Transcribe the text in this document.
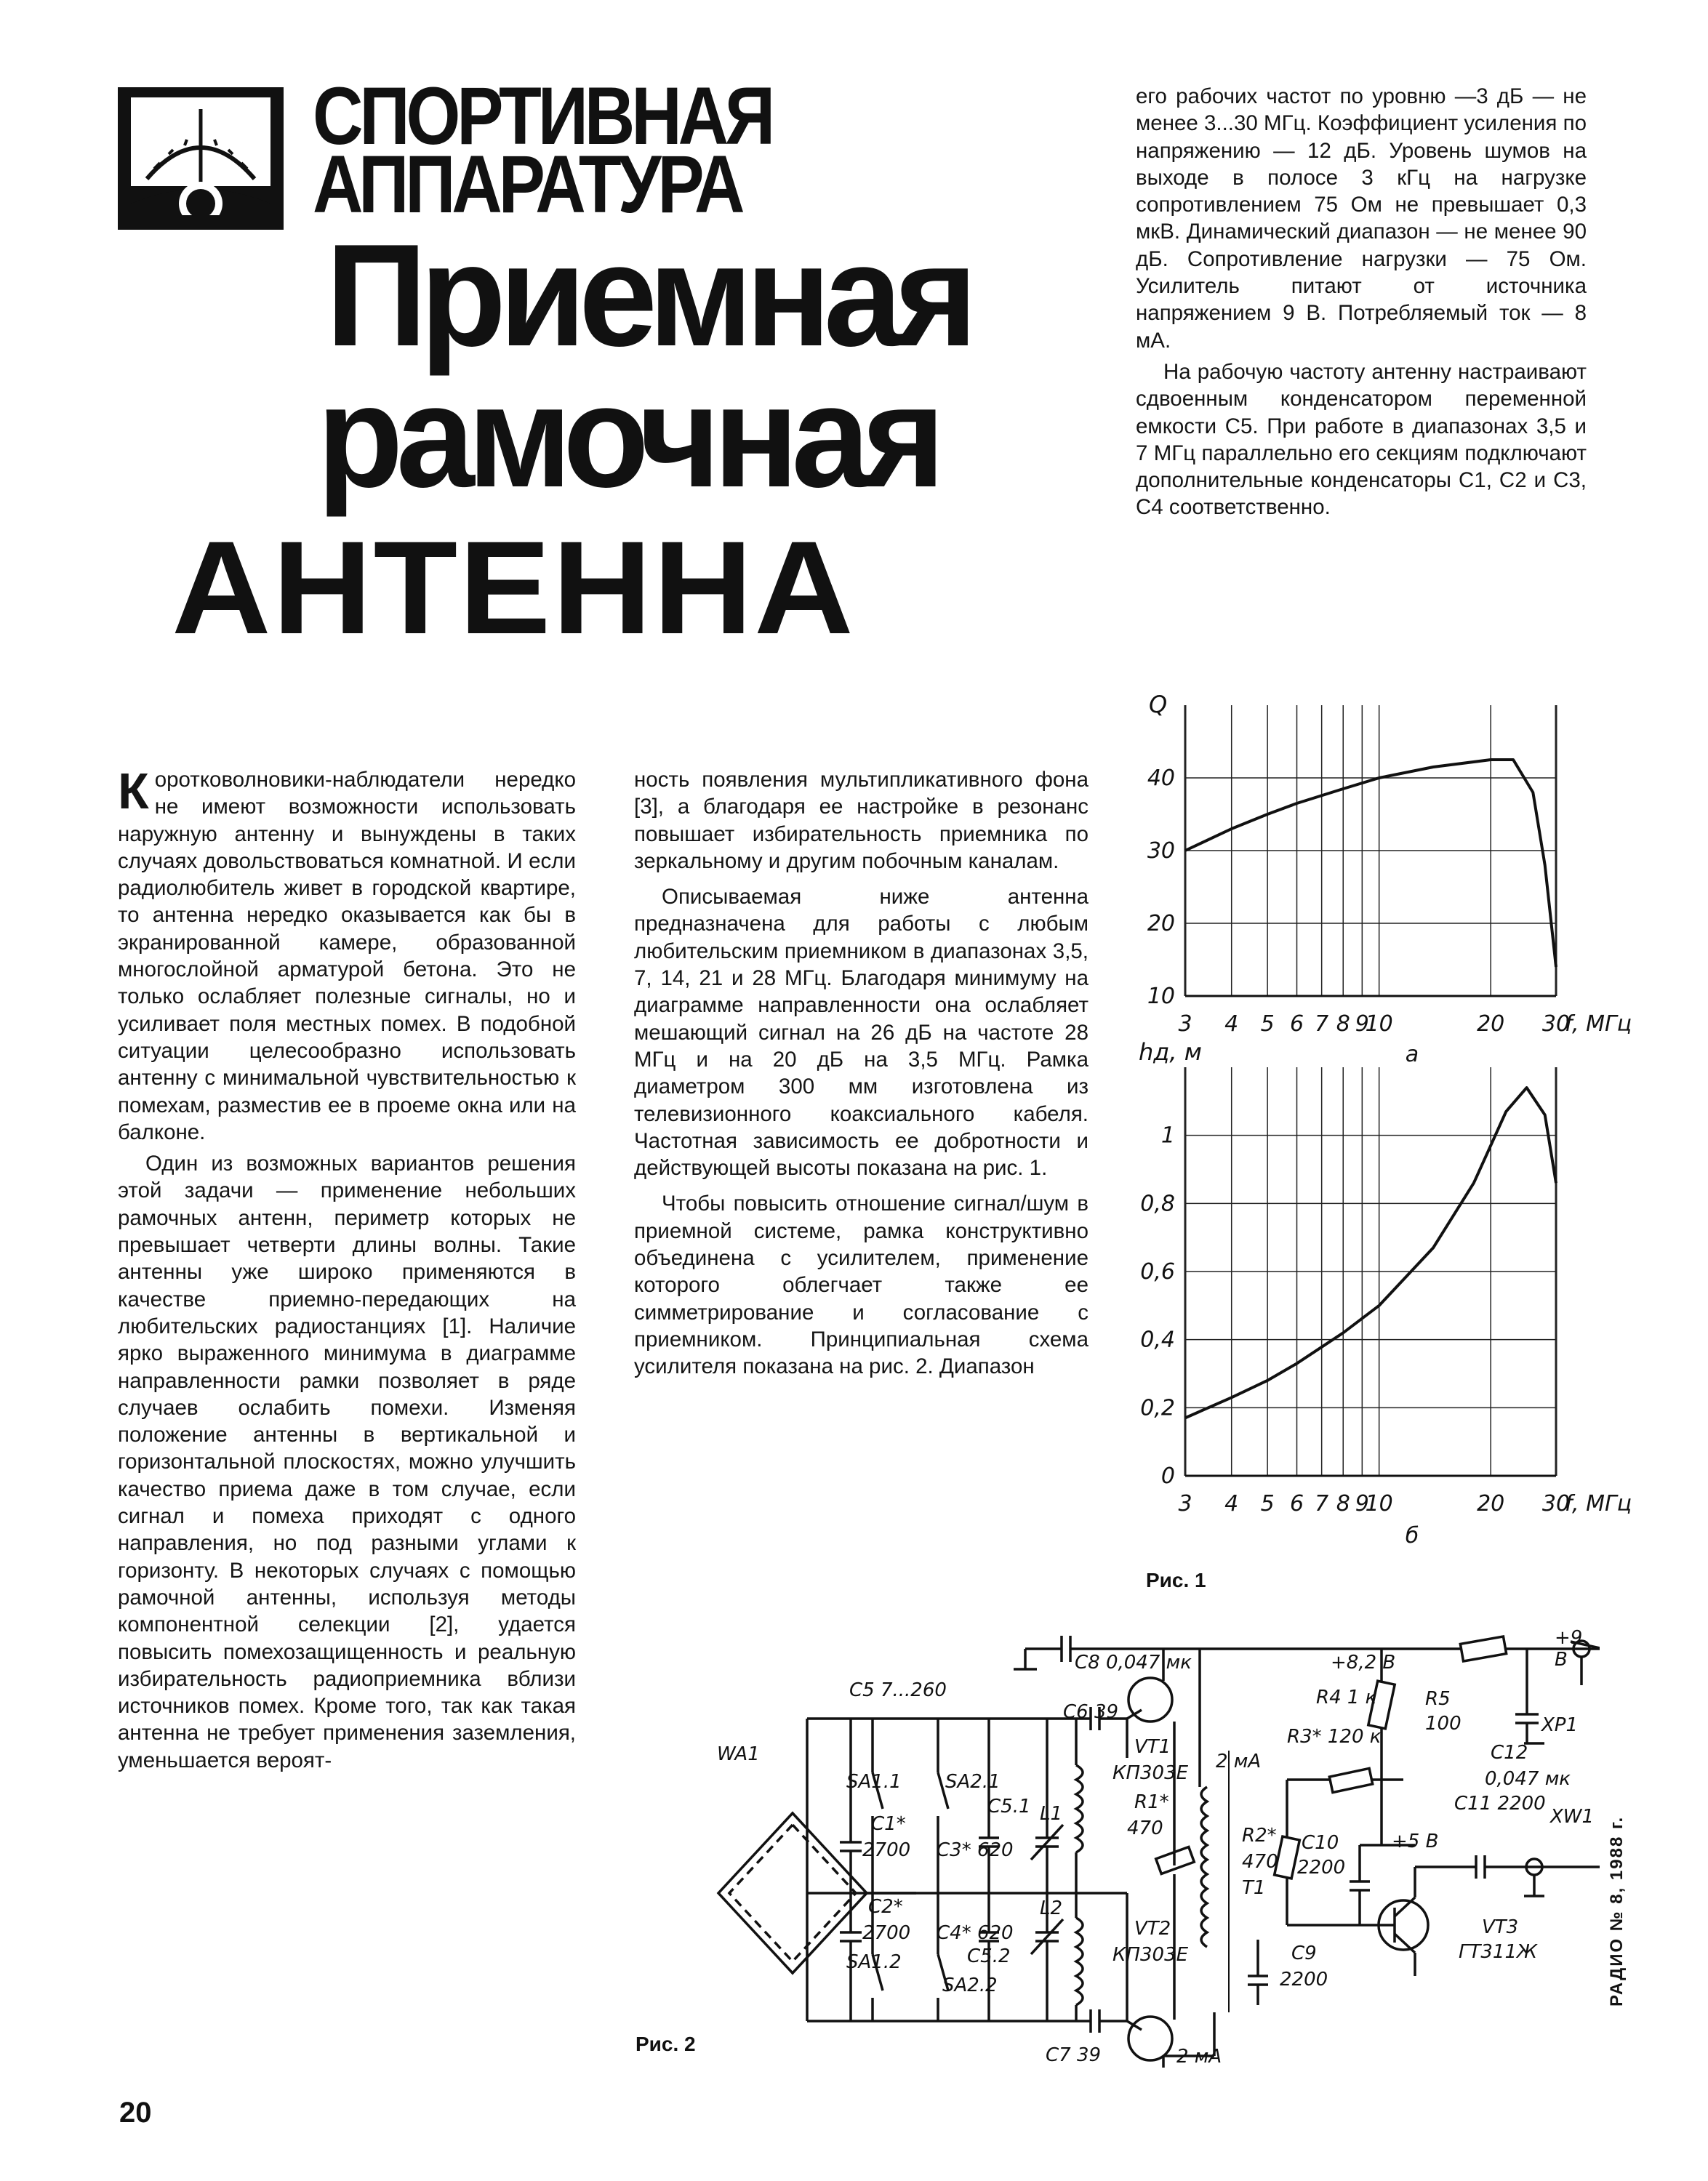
СПОРТИВНАЯ
АППАРАТУРА
Приемная
рамочная
АНТЕННА

его рабочих частот по уровню —3 дБ — не менее 3...30 МГц. Коэффициент усиления по напряжению — 12 дБ. Уровень шумов на выходе в полосе 3 кГц на нагрузке сопротивлением 75 Ом не превышает 0,3 мкВ. Динамический диапазон — не менее 90 дБ. Сопротивление нагрузки — 75 Ом. Усилитель питают от источника напряжением 9 В. Потребляемый ток — 8 мА.

На рабочую частоту антенну настраивают сдвоенным конденсатором переменной емкости С5. При работе в диапазонах 3,5 и 7 МГц параллельно его секциям подключают дополнительные конденсаторы С1, С2 и С3, С4 соответственно.

Коротковолновики-наблюдатели нередко не имеют возможности использовать наружную антенну и вынуждены в таких случаях довольствоваться комнатной. И если радиолюбитель живет в городской квартире, то антенна нередко оказывается как бы в экранированной камере, образованной многослойной арматурой бетона. Это не только ослабляет полезные сигналы, но и усиливает поля местных помех. В подобной ситуации целесообразно использовать антенну с минимальной чувствительностью к помехам, разместив ее в проеме окна или на балконе.

Один из возможных вариантов решения этой задачи — применение небольших рамочных антенн, периметр которых не превышает четверти длины волны. Такие антенны уже широко применяются в качестве приемно-передающих на любительских радиостанциях [1]. Наличие ярко выраженного минимума в диаграмме направленности рамки позволяет в ряде случаев ослабить помехи. Изменяя положение антенны в вертикальной и горизонтальной плоскостях, можно улучшить качество приема даже в том случае, если сигнал и помеха приходят с одного направления, но под разными углами к горизонту. В некоторых случаях с помощью рамочной антенны, используя методы компонентной селекции [2], удается повысить помехозащищенность и реальную избирательность радиоприемника вблизи источников помех. Кроме того, так как такая антенна не требует применения заземления, уменьшается вероят-

ность появления мультипликативного фона [3], а благодаря ее настройке в резонанс повышает избирательность приемника по зеркальному и другим побочным каналам.

Описываемая ниже антенна предназначена для работы с любым любительским приемником в диапазонах 3,5, 7, 14, 21 и 28 МГц. Благодаря минимуму на диаграмме направленности она ослабляет мешающий сигнал на 26 дБ на частоте 28 МГц и на 20 дБ на 3,5 МГц. Рамка диаметром 300 мм изготовлена из телевизионного коаксиального кабеля. Частотная зависимость ее добротности и действующей высоты показана на рис. 1.

Чтобы повысить отношение сигнал/шум в приемной системе, рамка конструктивно объединена с усилителем, применение которого облегчает также ее симметрирование и согласование с приемником. Принципиальная схема усилителя показана на рис. 2. Диапазон

3 4 5 6 7 8 9
10	20 30
10
20
30
40
f, МГц
Q
3 4 5 6 7 8 9
10	20 30
0
0,2
0,4
0,6
0,8
1
f, МГц
hд, м	а
б
Рис. 1
С5 7...260
С6 39
С8 0,047 мк	+8,2 В
+9 В
R4 1 к
R3* 120 к
R5
100	ХР1
С12
0,047 мк
WA1
SA1.1 SA2.1
С5.1
С1*
2700 С3* 620
L1
VT1
КП303Е
R1*
470
2 мА
R2*
470
Т1
С10
2200
С11 2200
XW1
+5 В
С2*
2700 С4* 620
L2
С5.2
VT2
КП303Е
SA1.2
SA2.2
С9
2200
VT3
ГТ311Ж
С7 39	2 мА
Рис. 2
20
РАДИО № 8, 1988 г.
